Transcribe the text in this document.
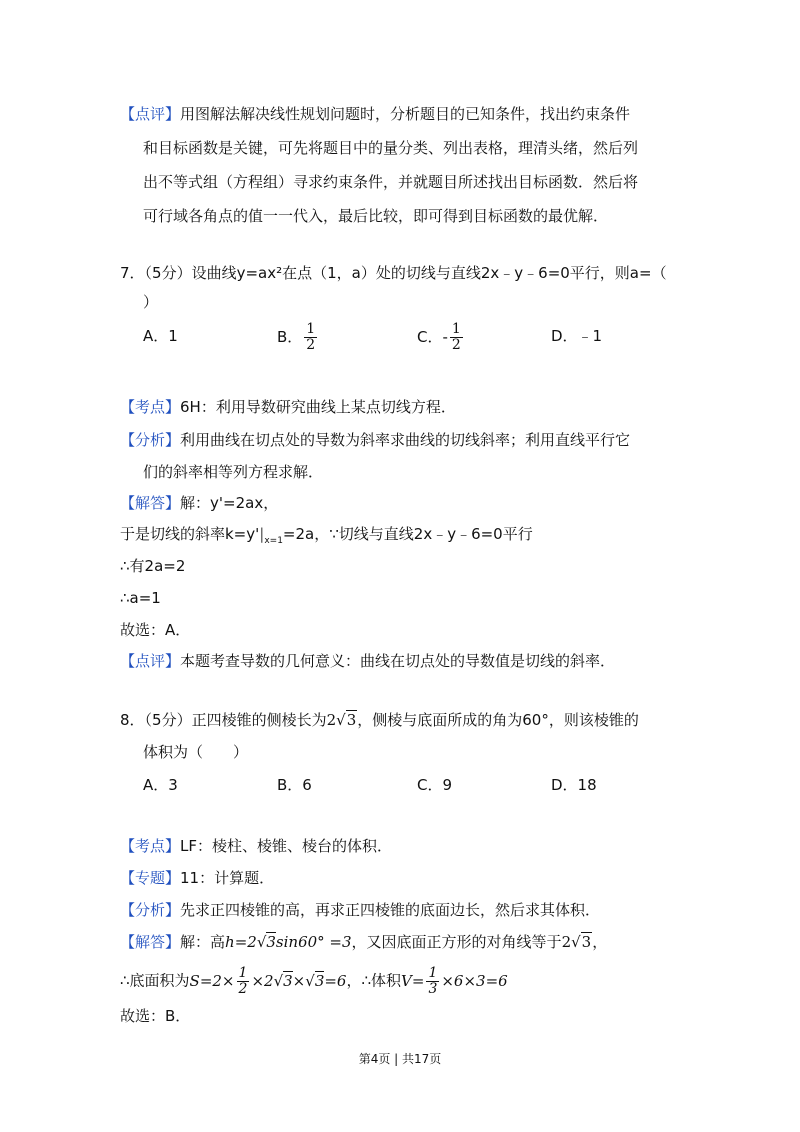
【点评】用图解法解决线性规划问题时，分析题目的已知条件，找出约束条件
和目标函数是关键，可先将题目中的量分类、列出表格，理清头绪，然后列
出不等式组（方程组）寻求约束条件，并就题目所述找出目标函数．然后将
可行域各角点的值一一代入，最后比较，即可得到目标函数的最优解．
7．（5分）设曲线y=ax²在点（1，a）处的切线与直线2x﹣y﹣6=0平行，则a=（
）
A．1	B． $\frac{1}{2}$	C．- $\frac{1}{2}$	D．﹣1
【考点】6H：利用导数研究曲线上某点切线方程．
【分析】利用曲线在切点处的导数为斜率求曲线的切线斜率；利用直线平行它
们的斜率相等列方程求解．
【解答】解：y'=2ax，
于是切线的斜率$k=y'|_{x=1}=2a$，∵切线与直线2x﹣y﹣6=0平行
∴有2a=2
∴a=1
故选：A．
【点评】本题考查导数的几何意义：曲线在切点处的导数值是切线的斜率．
8．（5分）正四棱锥的侧棱长为2√3，侧棱与底面所成的角为60°，则该棱锥的
体积为（　　）
A．3	B．6	C．9	D．18
【考点】LF：棱柱、棱锥、棱台的体积．
【专题】11：计算题．
【分析】先求正四棱锥的高，再求正四棱锥的底面边长，然后求其体积．
【解答】解：高h=2√3sin60° =3，又因底面正方形的对角线等于2√3，
∴底面积为$S=2\times \frac{1}{2} \times 2√3\times√3=6$，∴体积$V= \frac{1}{3} \times 6\times 3=6$
故选：B．
第4页 | 共17页
